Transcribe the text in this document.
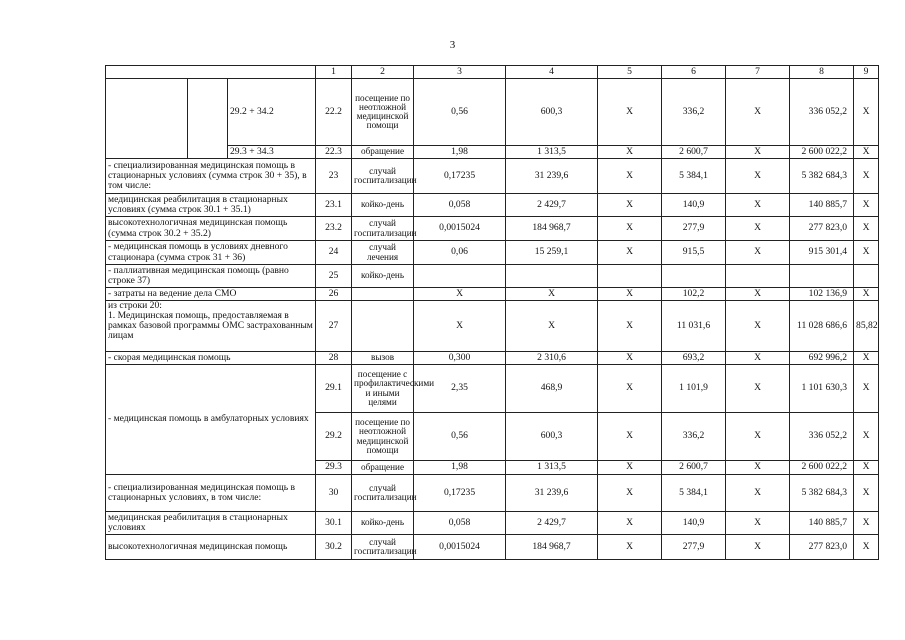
3
			1	2	3	4	5	6	7	8	9
		29.2 + 34.2	22.2	посещение по неотложной медицинской помощи	0,56	600,3	Х	336,2	Х	336 052,2	Х
		29.3 + 34.3	22.3	обращение	1,98	1 313,5	Х	2 600,7	Х	2 600 022,2	Х
- специализированная медицинская помощь в стационарных условиях (сумма строк 30 + 35), в том числе:			23	случай госпитализации	0,17235	31 239,6	Х	5 384,1	Х	5 382 684,3	Х
медицинская реабилитация в стационарных условиях (сумма строк 30.1 + 35.1)			23.1	койко-день	0,058	2 429,7	Х	140,9	Х	140 885,7	Х
высокотехнологичная медицинская помощь (сумма строк 30.2 + 35.2)			23.2	случай госпитализации	0,0015024	184 968,7	Х	277,9	Х	277 823,0	Х
- медицинская помощь в условиях дневного стационара (сумма строк 31 + 36)			24	случай лечения	0,06	15 259,1	Х	915,5	Х	915 301,4	Х
- паллиативная медицинская помощь (равно строке 37)			25	койко-день							
- затраты на ведение дела СМО			26		Х	Х	Х	102,2	Х	102 136,9	Х
из строки 20:
1. Медицинская помощь, предоставляемая в рамках базовой программы ОМС застрахованным лицам			27		Х	Х	Х	11 031,6	Х	11 028 686,6	85,82
- скорая медицинская помощь			28	вызов	0,300	2 310,6	Х	693,2	Х	692 996,2	Х
- медицинская помощь в амбулаторных условиях			29.1	посещение с профилактическими и иными целями	2,35	468,9	Х	1 101,9	Х	1 101 630,3	Х
			29.2	посещение по неотложной медицинской помощи	0,56	600,3	Х	336,2	Х	336 052,2	Х
			29.3	обращение	1,98	1 313,5	Х	2 600,7	Х	2 600 022,2	Х
- специализированная медицинская помощь в стационарных условиях, в том числе:			30	случай госпитализации	0,17235	31 239,6	Х	5 384,1	Х	5 382 684,3	Х
медицинская реабилитация в стационарных условиях			30.1	койко-день	0,058	2 429,7	Х	140,9	Х	140 885,7	Х
высокотехнологичная медицинская помощь			30.2	случай госпитализации	0,0015024	184 968,7	Х	277,9	Х	277 823,0	Х
